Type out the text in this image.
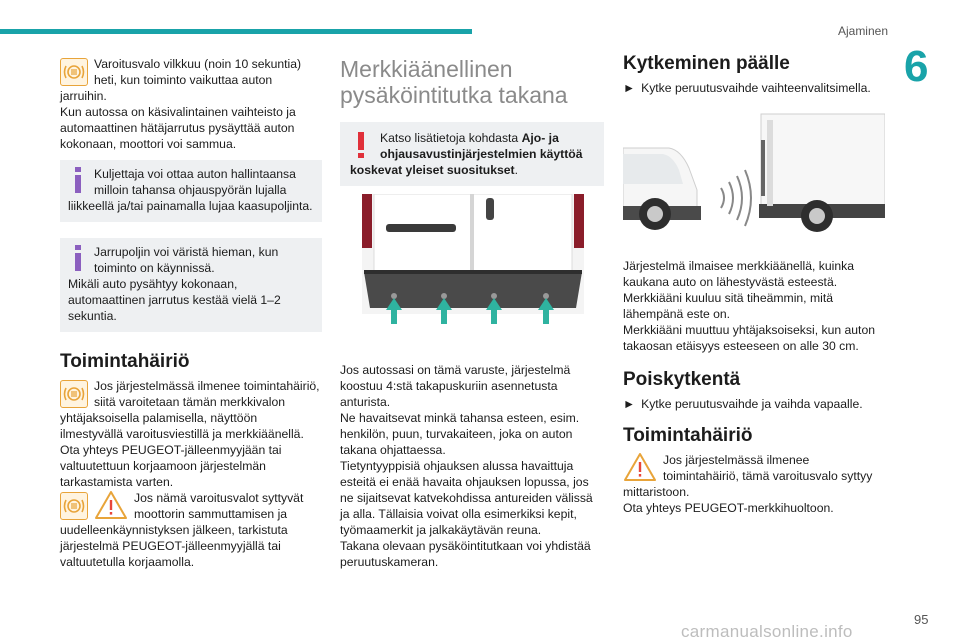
Ajaminen
6

Varoitusvalo vilkkuu (noin 10 sekuntia) heti, kun toiminto vaikuttaa auton jarruihin.

Kun autossa on käsivalintainen vaihteisto ja automaattinen hätäjarrutus pysäyttää auton kokonaan, moottori voi sammua.

Kuljettaja voi ottaa auton hallintaansa milloin tahansa ohjauspyörän lujalla liikkeellä ja/tai painamalla lujaa kaasupoljinta.

Jarrupoljin voi väristä hieman, kun toiminto on käynnissä.

Mikäli auto pysähtyy kokonaan, automaattinen jarrutus kestää vielä 1–2 sekuntia.

Toimintahäiriö

Jos järjestelmässä ilmenee toimintahäiriö, siitä varoitetaan tämän merkkivalon yhtäjaksoisella palamisella, näyttöön ilmestyvällä varoitusviestillä ja merkkiäänellä.

Ota yhteys PEUGEOT-jälleenmyyjään tai valtuutettuun korjaamoon järjestelmän tarkastamista varten.

Jos nämä varoitusvalot syttyvät moottorin sammuttamisen ja uudelleenkäynnistyksen jälkeen, tarkistuta järjestelmä PEUGEOT-jälleenmyyjällä tai valtuutetulla korjaamolla.

Merkkiäänellinen pysäköintitutka takana

Katso lisätietoja kohdasta Ajo- ja ohjausavustinjärjestelmien käyttöä koskevat yleiset suositukset.

Jos autossasi on tämä varuste, järjestelmä koostuu 4:stä takapuskuriin asennetusta anturista.

Ne havaitsevat minkä tahansa esteen, esim. henkilön, puun, turvakaiteen, joka on auton takana ohjattaessa.

Tietyntyyppisiä ohjauksen alussa havaittuja esteitä ei enää havaita ohjauksen lopussa, jos ne sijaitsevat katvekohdissa antureiden välissä ja alla. Tällaisia voivat olla esimerkiksi kepit, työmaamerkit ja jalkakäytävän reuna.

Takana olevaan pysäköintitutkaan voi yhdistää peruutuskameran.

Kytkeminen päälle

► Kytke peruutusvaihde vaihteenvalitsimella.

Järjestelmä ilmaisee merkkiäänellä, kuinka kaukana auto on lähestyvästä esteestä.

Merkkiääni kuuluu sitä tiheämmin, mitä lähempänä este on.

Merkkiääni muuttuu yhtäjaksoiseksi, kun auton takaosan etäisyys esteeseen on alle 30 cm.

Poiskytkentä

► Kytke peruutusvaihde ja vaihda vapaalle.

Toimintahäiriö

Jos järjestelmässä ilmenee toimintahäiriö, tämä varoitusvalo syttyy mittaristoon.

Ota yhteys PEUGEOT-merkkihuoltoon.

95
carmanualsonline.info
